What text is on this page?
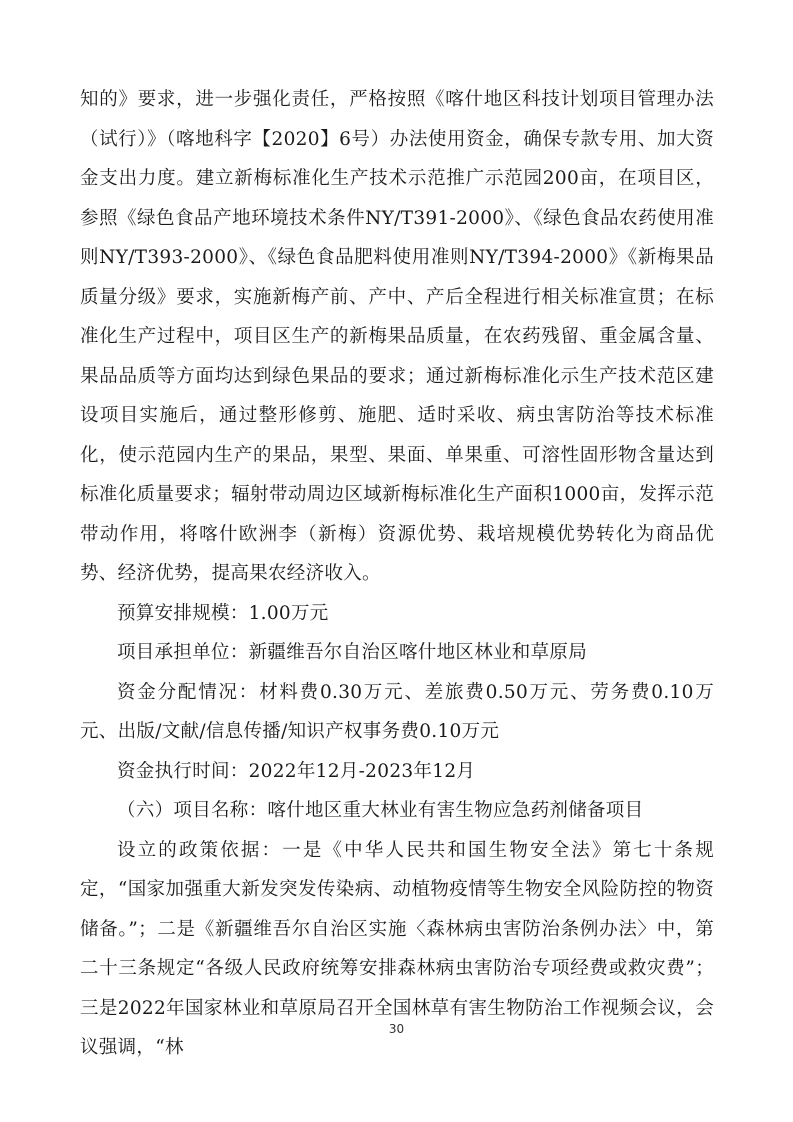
知的》要求，进一步强化责任，严格按照《喀什地区科技计划项目管理办法（试行）》（喀地科字【2020】6号）办法使用资金，确保专款专用、加大资金支出力度。建立新梅标准化生产技术示范推广示范园200亩，在项目区，参照《绿色食品产地环境技术条件NY/T391-2000》、《绿色食品农药使用准则NY/T393-2000》、《绿色食品肥料使用准则NY/T394-2000》《新梅果品质量分级》要求，实施新梅产前、产中、产后全程进行相关标准宣贯；在标准化生产过程中，项目区生产的新梅果品质量，在农药残留、重金属含量、果品品质等方面均达到绿色果品的要求；通过新梅标准化示生产技术范区建设项目实施后，通过整形修剪、施肥、适时采收、病虫害防治等技术标准化，使示范园内生产的果品，果型、果面、单果重、可溶性固形物含量达到标准化质量要求；辐射带动周边区域新梅标准化生产面积1000亩，发挥示范带动作用，将喀什欧洲李（新梅）资源优势、栽培规模优势转化为商品优势、经济优势，提高果农经济收入。

预算安排规模：1.00万元

项目承担单位：新疆维吾尔自治区喀什地区林业和草原局

资金分配情况：材料费0.30万元、差旅费0.50万元、劳务费0.10万元、出版/文献/信息传播/知识产权事务费0.10万元

资金执行时间：2022年12月-2023年12月

（六）项目名称：喀什地区重大林业有害生物应急药剂储备项目

设立的政策依据：一是《中华人民共和国生物安全法》第七十条规定，“国家加强重大新发突发传染病、动植物疫情等生物安全风险防控的物资储备。”；二是《新疆维吾尔自治区实施〈森林病虫害防治条例办法〉中，第二十三条规定“各级人民政府统筹安排森林病虫害防治专项经费或救灾费”；三是2022年国家林业和草原局召开全国林草有害生物防治工作视频会议，会议强调，“林

30
